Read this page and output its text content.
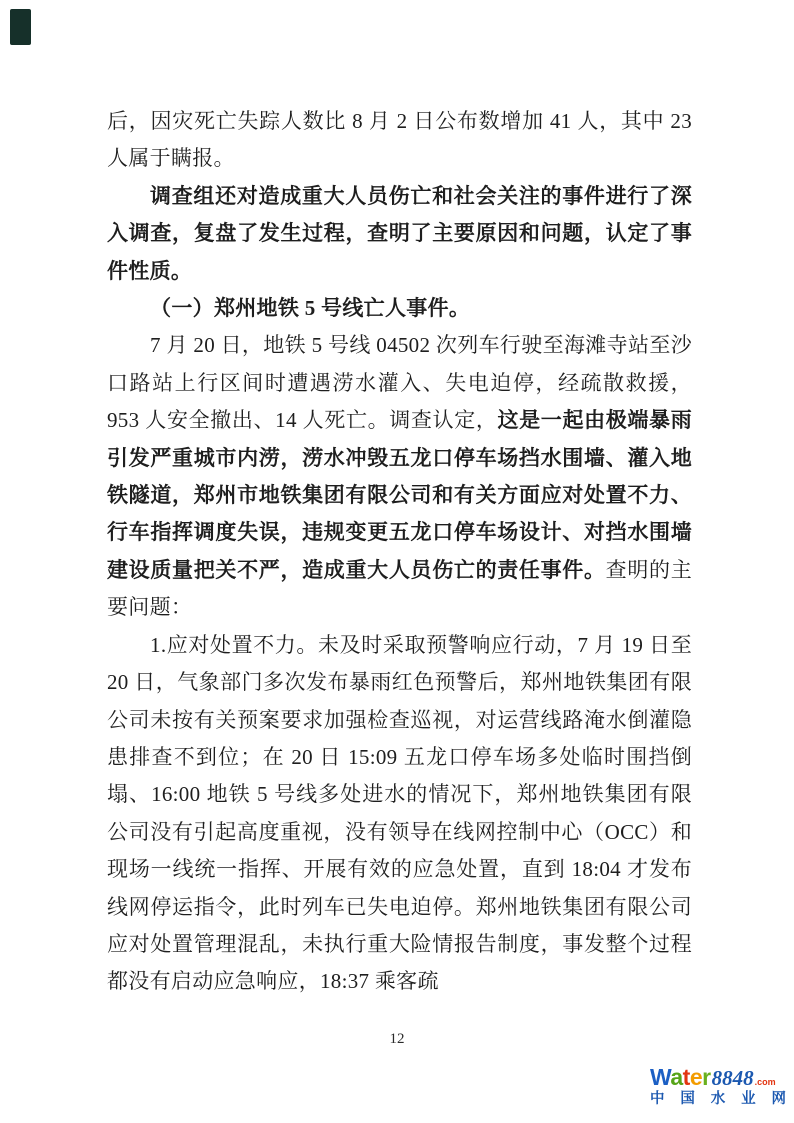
后，因灾死亡失踪人数比 8 月 2 日公布数增加 41 人，其中 23 人属于瞒报。

调查组还对造成重大人员伤亡和社会关注的事件进行了深入调查，复盘了发生过程，查明了主要原因和问题，认定了事件性质。

（一）郑州地铁 5 号线亡人事件。

7 月 20 日，地铁 5 号线 04502 次列车行驶至海滩寺站至沙口路站上行区间时遭遇涝水灌入、失电迫停，经疏散救援，953 人安全撤出、14 人死亡。调查认定，这是一起由极端暴雨引发严重城市内涝，涝水冲毁五龙口停车场挡水围墙、灌入地铁隧道，郑州市地铁集团有限公司和有关方面应对处置不力、行车指挥调度失误，违规变更五龙口停车场设计、对挡水围墙建设质量把关不严，造成重大人员伤亡的责任事件。查明的主要问题：

1.应对处置不力。未及时采取预警响应行动，7 月 19 日至 20 日，气象部门多次发布暴雨红色预警后，郑州地铁集团有限公司未按有关预案要求加强检查巡视，对运营线路淹水倒灌隐患排查不到位；在 20 日 15:09 五龙口停车场多处临时围挡倒塌、16:00 地铁 5 号线多处进水的情况下，郑州地铁集团有限公司没有引起高度重视，没有领导在线网控制中心（OCC）和现场一线统一指挥、开展有效的应急处置，直到 18:04 才发布线网停运指令，此时列车已失电迫停。郑州地铁集团有限公司应对处置管理混乱，未执行重大险情报告制度，事发整个过程都没有启动应急响应，18:37 乘客疏

12
Water 8848 .com
中 国 水 业 网
